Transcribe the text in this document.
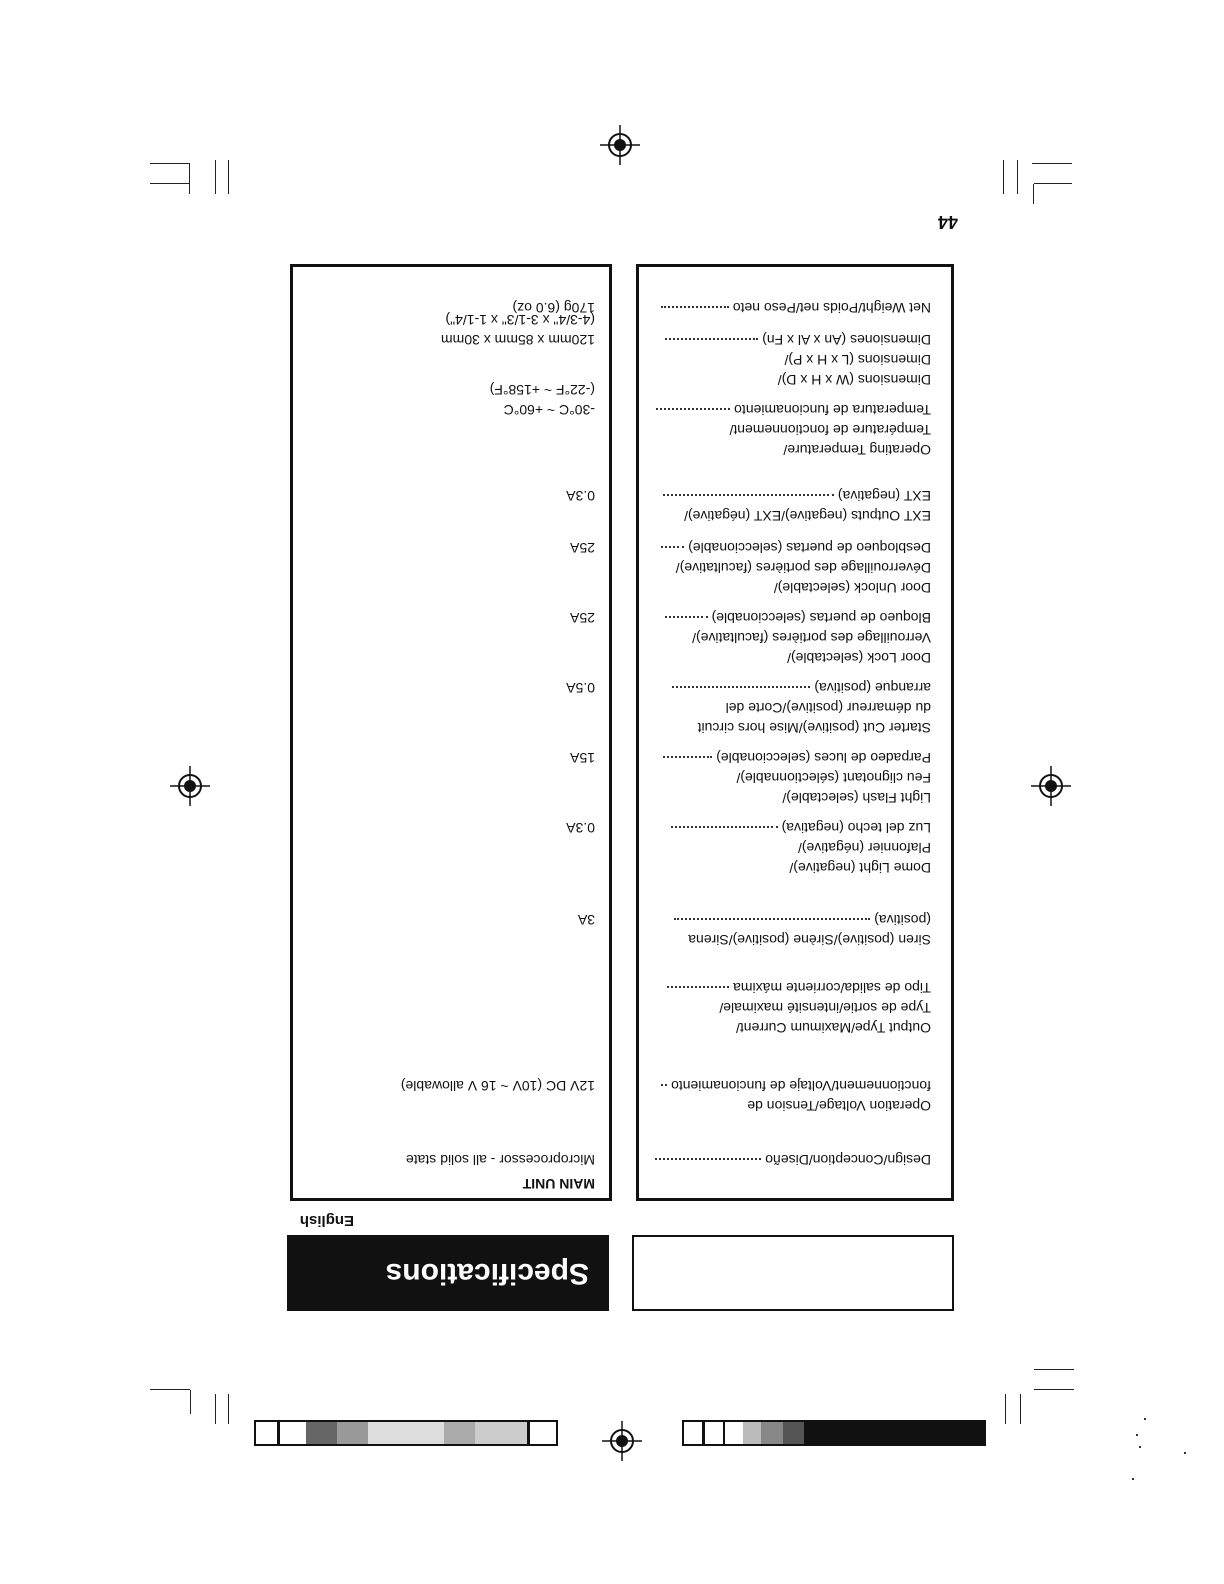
44
Specifications
English
Design/Conception/Diseño
Operation Voltage/Tension de
fonctionnement/Voltaje de funcionamiento
Output Type/Maximum Current/
Type de sortie/intensité maximale/
Tipo de salida/corriente máxima
Siren (positive)/Sirène (positive)/Sirena
(positiva)
Dome Light (negative)/
Plafonnier (négative)/
Luz del techo (negativa)
Light Flash (selectable)/
Feu clignotant (sélectionnable)/
Parpadeo de luces (seleccionable)
Starter Cut (positive)/Mise hors circuit
du démarreur (positive)/Corte del
arranque (positiva)
Door Lock (selectable)/
Verrouillage des portières (facultative)/
Bloqueo de puertas (seleccionable)
Door Unlock (selectable)/
Déverrouillage des portières (facultative)/
Desbloqueo de puertas (seleccionable)
EXT Outputs (negative)/EXT (négative)/
EXT (negativa)
Operating Temperature/
Température de fonctionnement/
Temperatura de funcionamiento
Dimensions (W x H x D)/
Dimensions (L x H x P)/
Dimensiones (An x Al x Fn)
Net Weight/Poids net/Peso neto
MAIN UNIT
Microprocessor - all solid state
12V DC (10V ~ 16 V allowable)
3A
0.3A
15A
0.5A
25A
25A
0.3A
-30°C ~ +60°C
(-22°F ~ +158°F)
120mm x 85mm x 30mm
(4-3/4" x 3-1/3" x 1-1/4")
170g (6.0 oz)
